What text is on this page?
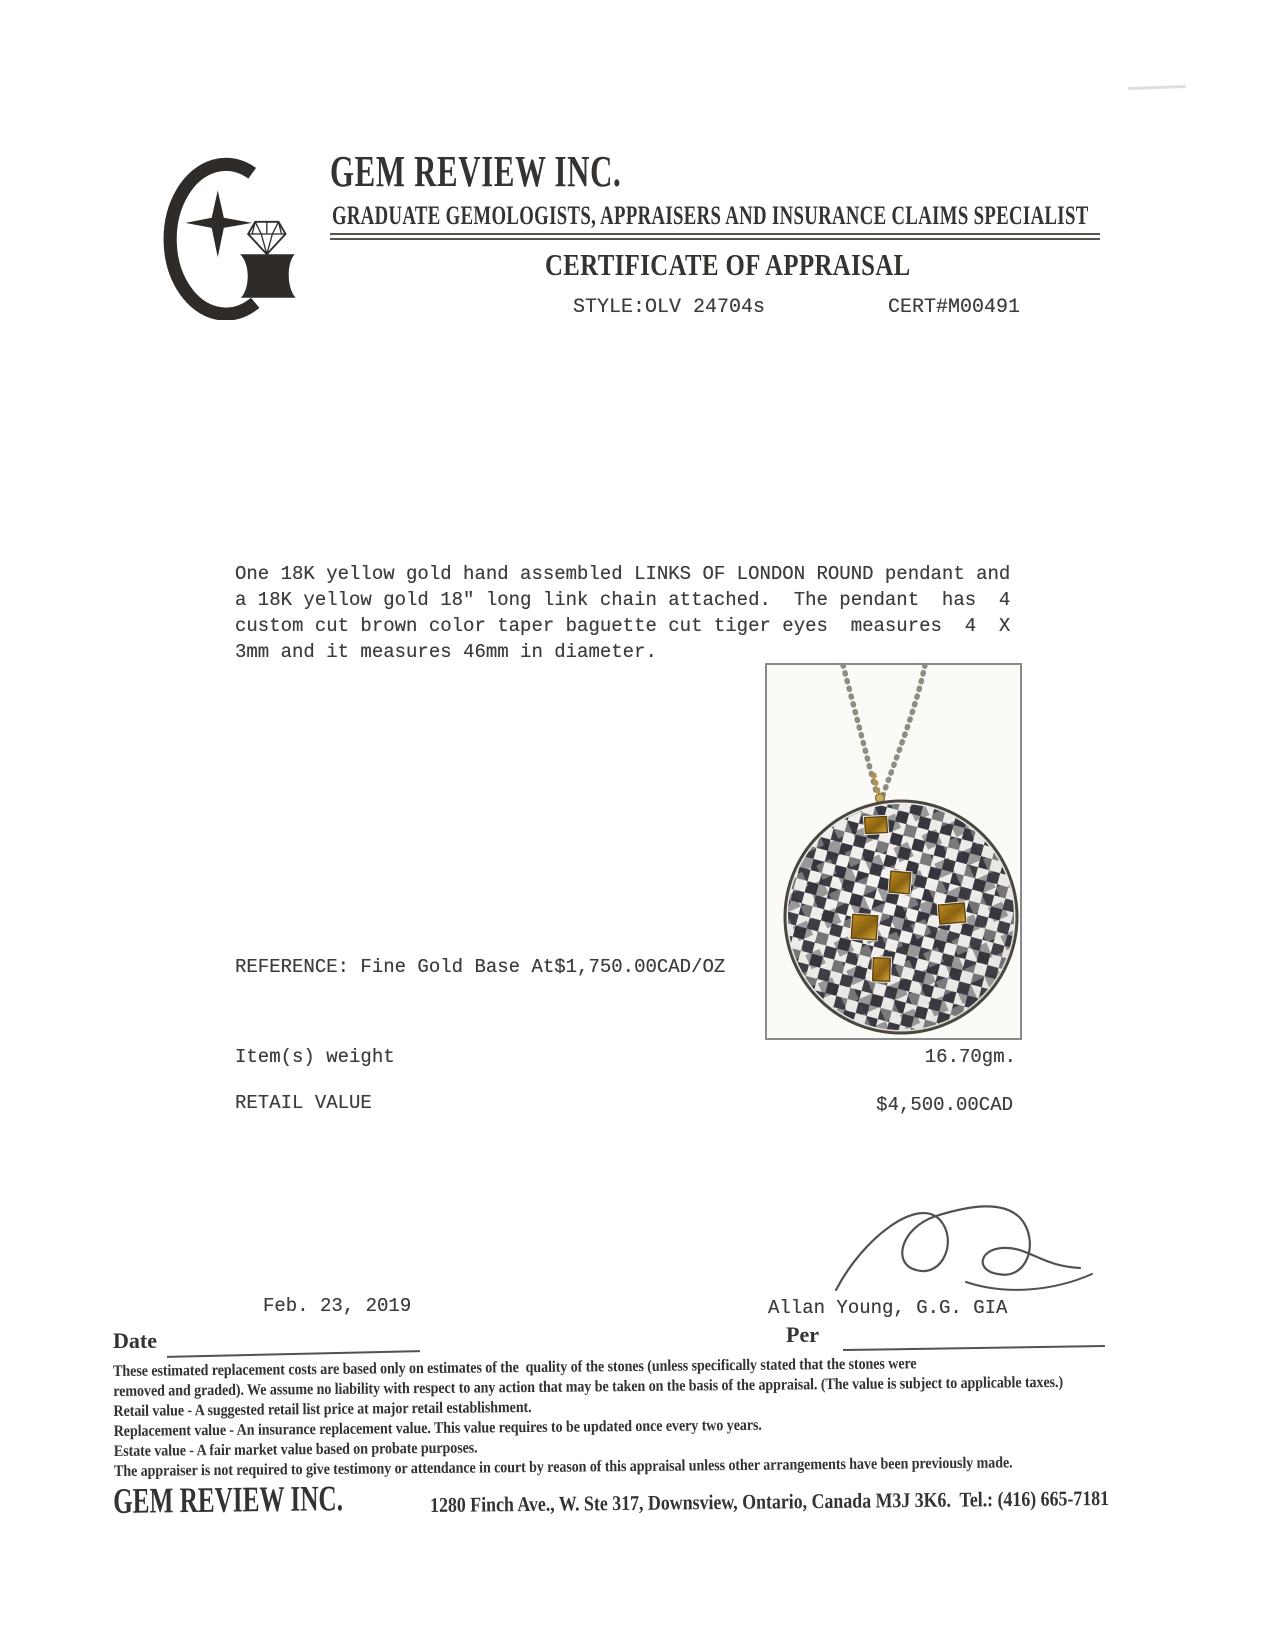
GEM REVIEW INC.
GRADUATE GEMOLOGISTS, APPRAISERS AND INSURANCE CLAIMS SPECIALIST
CERTIFICATE OF APPRAISAL
STYLE:OLV 24704s	CERT#M00491
One 18K yellow gold hand assembled LINKS OF LONDON ROUND pendant and
a 18K yellow gold 18" long link chain attached.  The pendant  has  4
custom cut brown color taper baguette cut tiger eyes  measures  4  X
3mm and it measures 46mm in diameter.
REFERENCE: Fine Gold Base At$1,750.00CAD/OZ
Item(s) weight	16.70gm.
RETAIL VALUE	$4,500.00CAD
Feb. 23, 2019	Allan Young, G.G. GIA
Date	Per
These estimated replacement costs are based only on estimates of the  quality of the stones (unless specifically stated that the stones were
removed and graded). We assume no liability with respect to any action that may be taken on the basis of the appraisal. (The value is subject to applicable taxes.)
Retail value - A suggested retail list price at major retail establishment.
Replacement value - An insurance replacement value. This value requires to be updated once every two years.
Estate value - A fair market value based on probate purposes.
The appraiser is not required to give testimony or attendance in court by reason of this appraisal unless other arrangements have been previously made.
GEM REVIEW INC.	1280 Finch Ave., W. Ste 317, Downsview, Ontario, Canada M3J 3K6.  Tel.: (416) 665-7181
